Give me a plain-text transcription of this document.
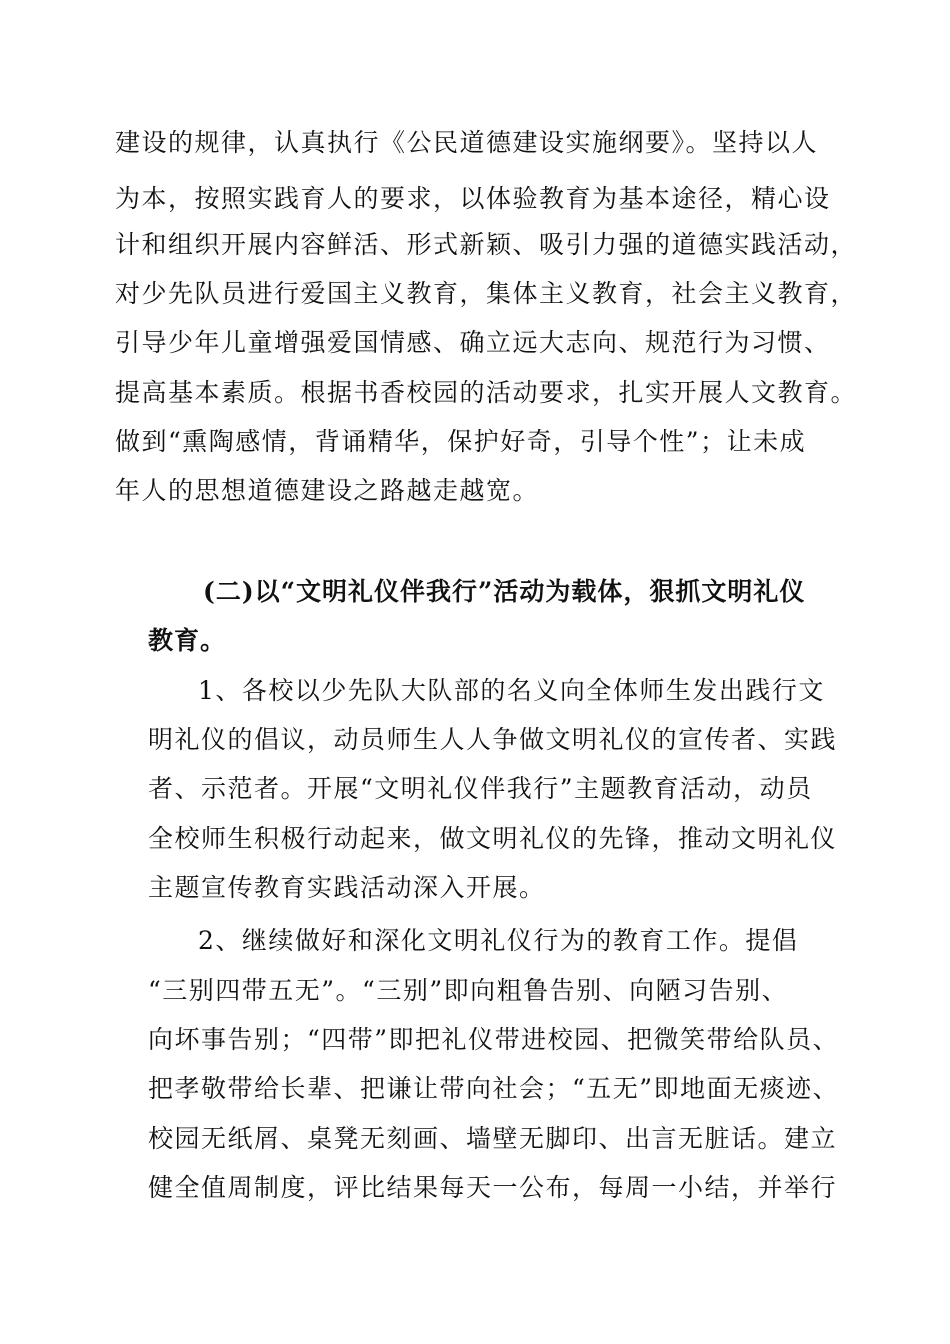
建设的规律，认真执行《公民道德建设实施纲要》。坚持以人

为本，按照实践育人的要求，以体验教育为基本途径，精心设

计和组织开展内容鲜活、形式新颖、吸引力强的道德实践活动，

对少先队员进行爱国主义教育，集体主义教育，社会主义教育，

引导少年儿童增强爱国情感、确立远大志向、规范行为习惯、

提高基本素质。根据书香校园的活动要求，扎实开展人文教育。

做到“熏陶感情，背诵精华，保护好奇，引导个性”；让未成

年人的思想道德建设之路越走越宽。

(二)以“文明礼仪伴我行”活动为载体，狠抓文明礼仪

教育。

1、各校以少先队大队部的名义向全体师生发出践行文

明礼仪的倡议，动员师生人人争做文明礼仪的宣传者、实践

者、示范者。开展“文明礼仪伴我行”主题教育活动，动员

全校师生积极行动起来，做文明礼仪的先锋，推动文明礼仪

主题宣传教育实践活动深入开展。

2、继续做好和深化文明礼仪行为的教育工作。提倡

“三别四带五无”。“三别”即向粗鲁告别、向陋习告别、

向坏事告别；“四带”即把礼仪带进校园、把微笑带给队员、

把孝敬带给长辈、把谦让带向社会；“五无”即地面无痰迹、

校园无纸屑、桌凳无刻画、墙壁无脚印、出言无脏话。建立

健全值周制度，评比结果每天一公布，每周一小结，并举行
